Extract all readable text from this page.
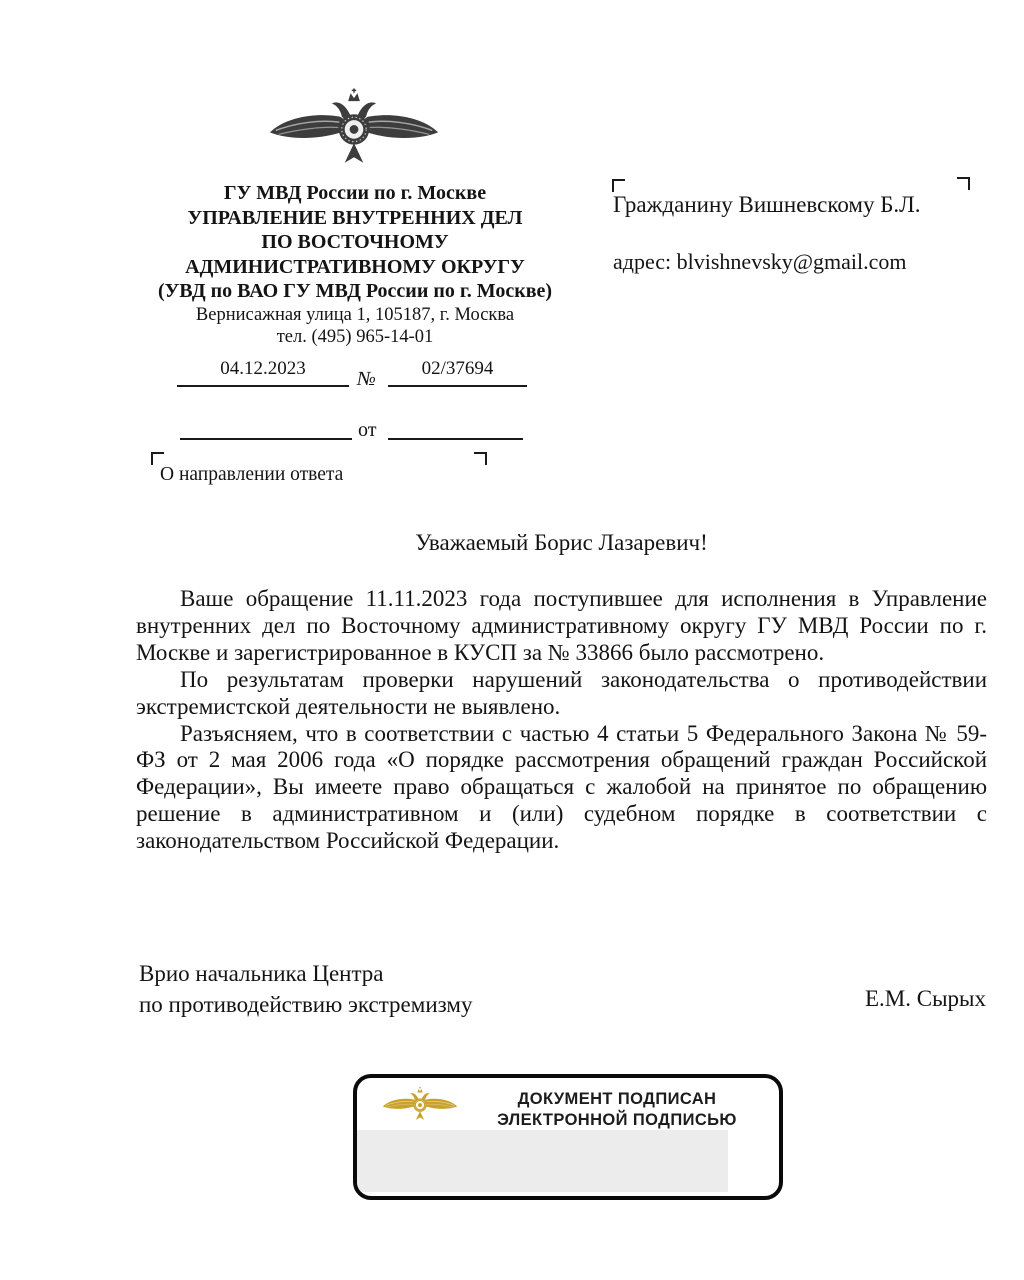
ГУ МВД России по г. Москве
УПРАВЛЕНИЕ ВНУТРЕННИХ ДЕЛ
ПО ВОСТОЧНОМУ
АДМИНИСТРАТИВНОМУ ОКРУГУ
(УВД по ВАО ГУ МВД России по г. Москве)
Вернисажная улица 1, 105187, г. Москва
тел. (495) 965-14-01
Гражданину Вишневскому Б.Л.
адрес: blvishnevsky@gmail.com
04.12.2023	№	02/37694
от
О направлении ответа
Уважаемый Борис Лазаревич!

Ваше обращение 11.11.2023 года поступившее для исполнения в Управление внутренних дел по Восточному административному округу ГУ МВД России по г. Москве и зарегистрированное в КУСП за № 33866 было рассмотрено.

По результатам проверки нарушений законодательства о противодействии экстремистской деятельности не выявлено.

Разъясняем, что в соответствии с частью 4 статьи 5 Федерального Закона № 59-ФЗ от 2 мая 2006 года «О порядке рассмотрения обращений граждан Российской Федерации», Вы имеете право обращаться с жалобой на принятое по обращению решение в административном и (или) судебном порядке в соответствии с законодательством Российской Федерации.

Врио начальника Центра
по противодействию экстремизму	Е.М. Сырых
ДОКУМЕНТ ПОДПИСАН
ЭЛЕКТРОННОЙ ПОДПИСЬЮ
